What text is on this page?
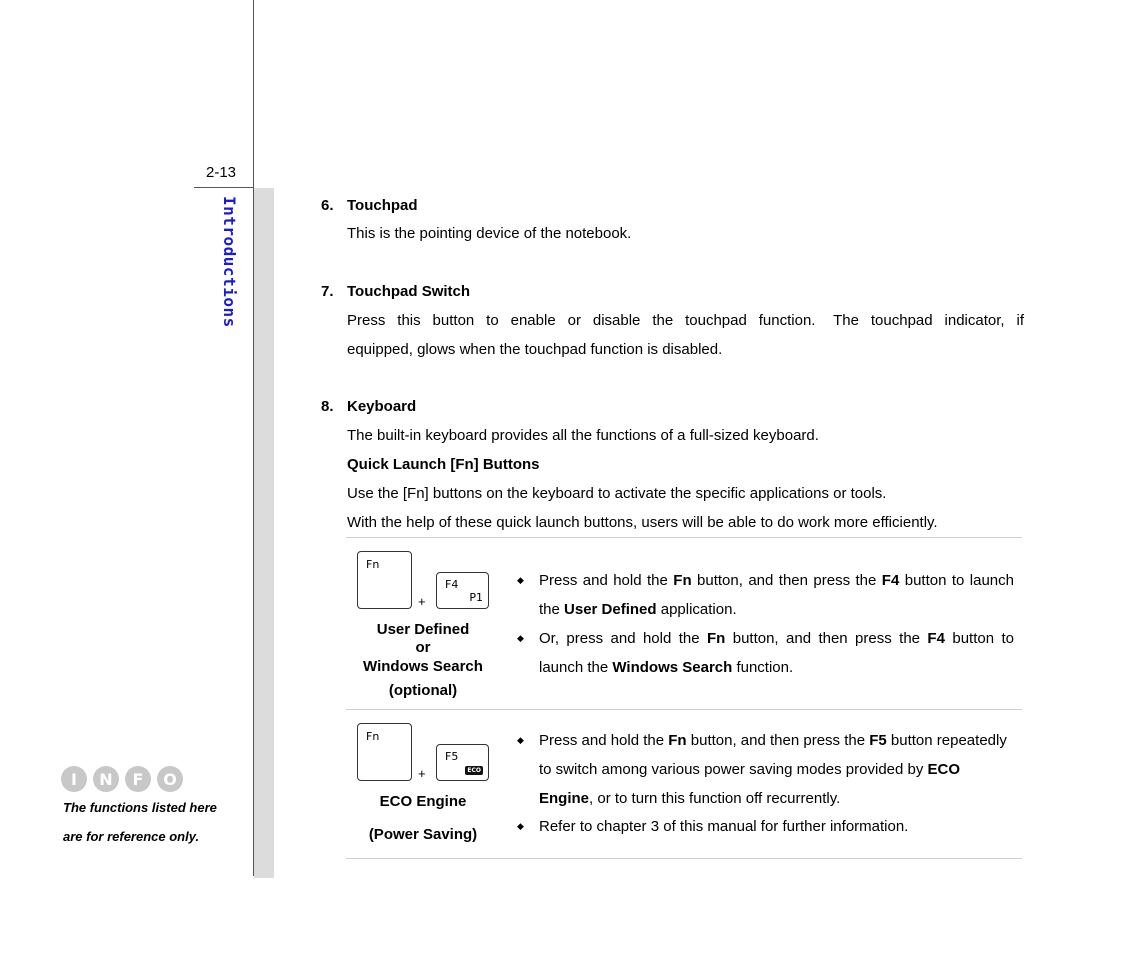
2-13
Introductions
I	N	F	O
The functions listed here
are for reference only.
6. Touchpad
This is the pointing device of the notebook.
7. Touchpad Switch
Press  this  button  to  enable  or  disable  the  touchpad  function.   The  touchpad  indicator,  if
equipped, glows when the touchpad function is disabled.
8. Keyboard
The built-in keyboard provides all the functions of a full-sized keyboard.
Quick Launch [Fn] Buttons
Use the [Fn] buttons on the keyboard to activate the specific applications or tools.
With the help of these quick launch buttons, users will be able to do work more efficiently.
Fn
+
F4
P1
User Defined
or
Windows Search
(optional)
◆ Press and hold the Fn button, and then press the F4 button to launch the User Defined application.
◆ Or, press and hold the Fn button, and then press the F4 button to launch the Windows Search function.
Fn
+
F5
ECO
ECO Engine
(Power Saving)
◆ Press and hold the Fn button, and then press the F5 button repeatedly to switch among various power saving modes provided by ECO Engine, or to turn this function off recurrently.
◆ Refer to chapter 3 of this manual for further information.
